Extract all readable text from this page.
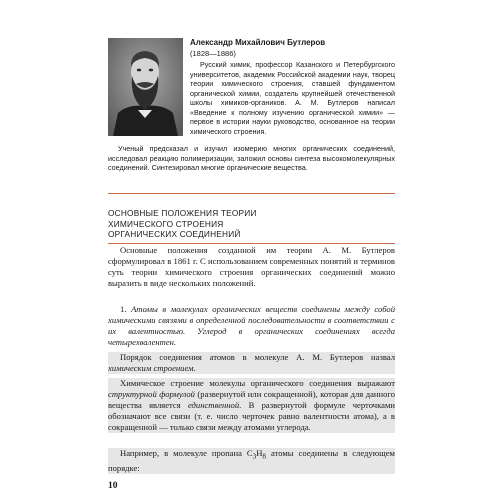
Александр Михайлович Бутлеров
(1828—1886)
Русский химик, профессор Казанского и Петербургского университетов, академик Российской академии наук, творец теории химического строения, ставшей фундаментом органической химии, создатель крупнейшей отечественной школы химиков-органиков. А. М. Бутлеров написал «Введение к полному изучению органической химии» — первое в истории науки руководство, основанное на теории химического строения.
Ученый предсказал и изучил изомерию многих органических соединений, исследовал реакцию полимеризации, заложил основы синтеза высокомолекулярных соединений. Синтезировал многие органические вещества.
ОСНОВНЫЕ ПОЛОЖЕНИЯ ТЕОРИИ
ХИМИЧЕСКОГО СТРОЕНИЯ
ОРГАНИЧЕСКИХ СОЕДИНЕНИЙ

Основные положения созданной им теории А. М. Бутлеров сформулировал в 1861 г. С использованием современных понятий и терминов суть теории химического строения органических соединений можно выразить в виде нескольких положений.

1. Атомы в молекулах органических веществ соединены между собой химическими связями в определенной последовательности в соответствии с их валентностью. Углерод в органических соединениях всегда четырехвалентен.

Порядок соединения атомов в молекуле А. М. Бутлеров назвал химическим строением.

Химическое строение молекулы органического соединения выражают структурной формулой (развернутой или сокращенной), которая для данного вещества является единственной. В развернутой формуле черточками обозначают все связи (т. е. число черточек равно валентности атома), а в сокращенной — только связи между атомами углерода.

Например, в молекуле пропана $C_3H_8$ атомы соединены в следующем порядке:

10
